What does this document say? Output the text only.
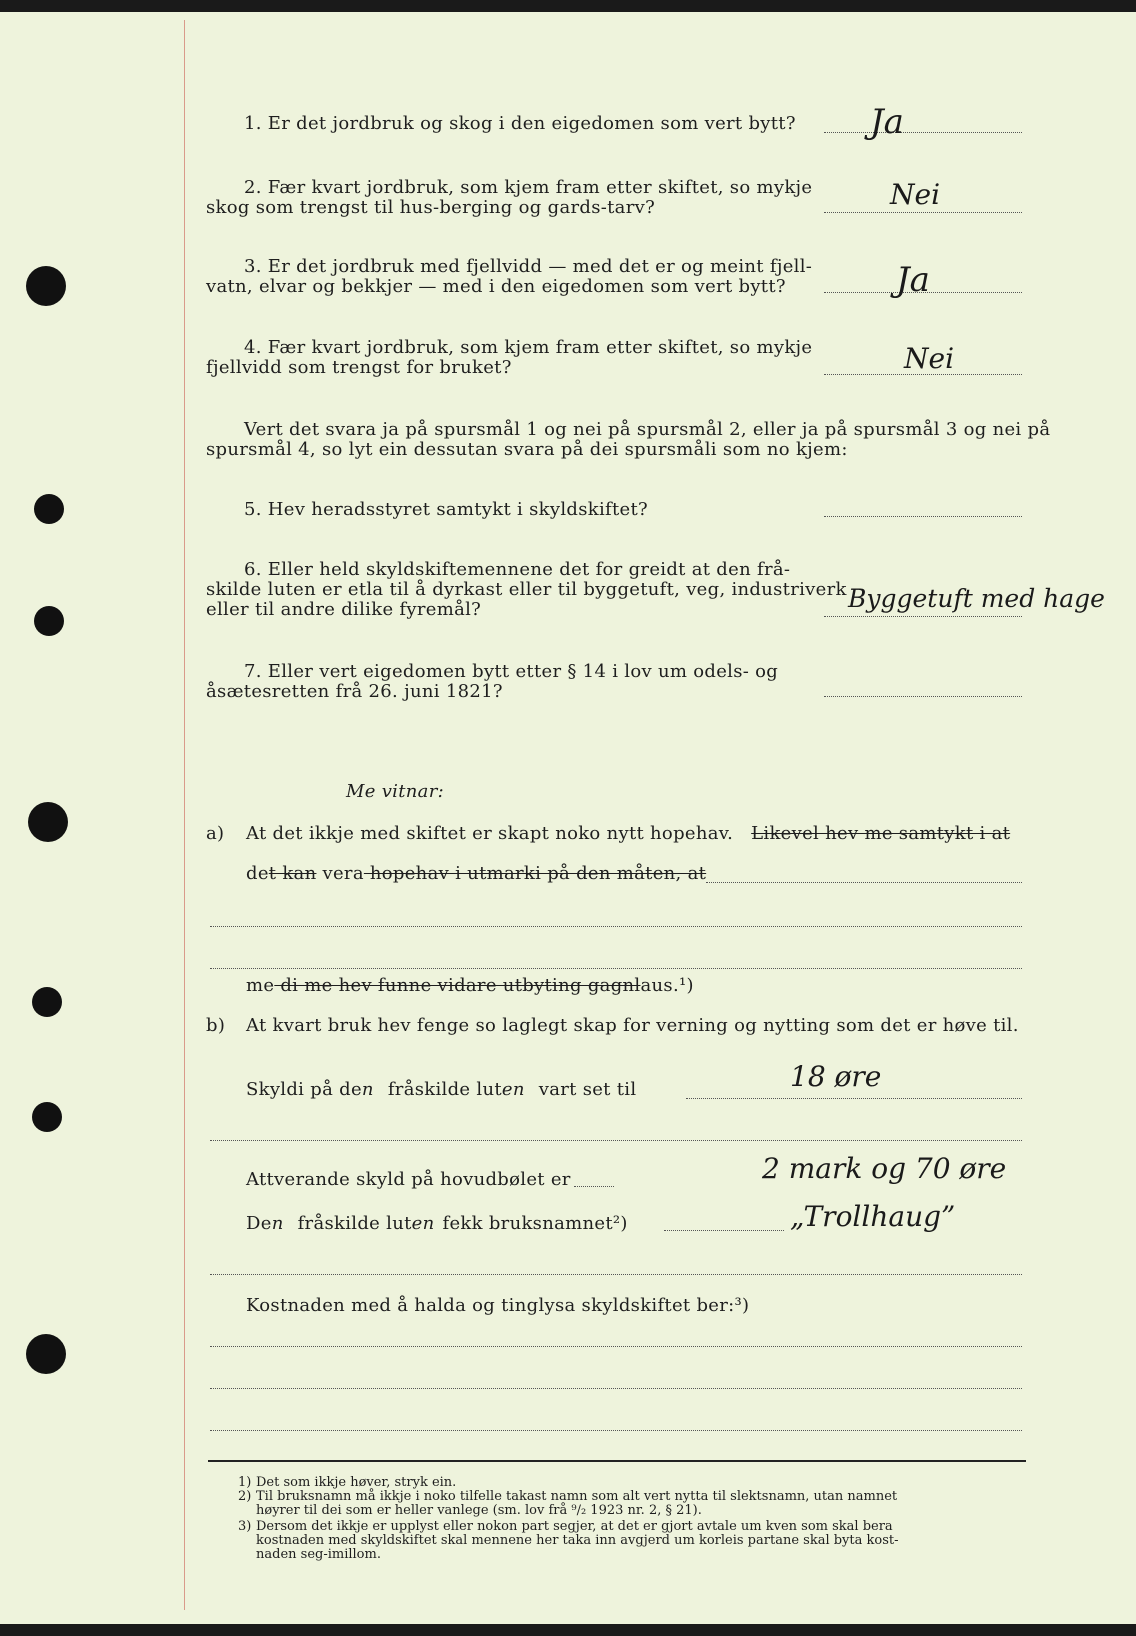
1. Er det jordbruk og skog i den eigedomen som vert bytt? Ja
2. Fær kvart jordbruk, som kjem fram etter skiftet, so mykje
skog som trengst til hus‑berging og gards‑tarv?	Nei
3. Er det jordbruk med fjellvidd — med det er og meint fjell‑
vatn, elvar og bekkjer — med i den eigedomen som vert bytt?	Ja
4. Fær kvart jordbruk, som kjem fram etter skiftet, so mykje
fjellvidd som trengst for bruket?	Nei
Vert det svara ja på spursmål 1 og nei på spursmål 2, eller ja på spursmål 3 og nei på
spursmål 4, so lyt ein dessutan svara på dei spursmåli som no kjem:
5. Hev heradsstyret samtykt i skyldskiftet?
6. Eller held skyldskiftemennene det for greidt at den frå‑
skilde luten er etla til å dyrkast eller til byggetuft, veg, industriverk
eller til andre dilike fyremål?	Byggetuft med hage
7. Eller vert eigedomen bytt etter § 14 i lov um odels‑ og
åsætesretten frå 26. juni 1821?
Me vitnar:
a) At det ikkje med skiftet er skapt noko nytt hopehav. Likevel hev me samtykt i at
det kan vera hopehav i utmarki på den måten, at
me di me hev funne vidare utbyting gagnlaus.¹)
b) At kvart bruk hev fenge so laglegt skap for verning og nytting som det er høve til.
Skyldi på den fråskilde luten vart set til	18 øre
Attverande skyld på hovudbølet er	2 mark og 70 øre
Den fråskilde luten fekk bruksnamnet²)	„Trollhaug”
Kostnaden med å halda og tinglysa skyldskiftet ber:³)
1) Det som ikkje høver, stryk ein.
2) Til bruksnamn må ikkje i noko tilfelle takast namn som alt vert nytta til slektsnamn, utan namnet
høyrer til dei som er heller vanlege (sm. lov frå ⁹/₂ 1923 nr. 2, § 21).
3) Dersom det ikkje er upplyst eller nokon part segjer, at det er gjort avtale um kven som skal bera
kostnaden med skyldskiftet skal mennene her taka inn avgjerd um korleis partane skal byta kost‑
naden seg‑imillom.
